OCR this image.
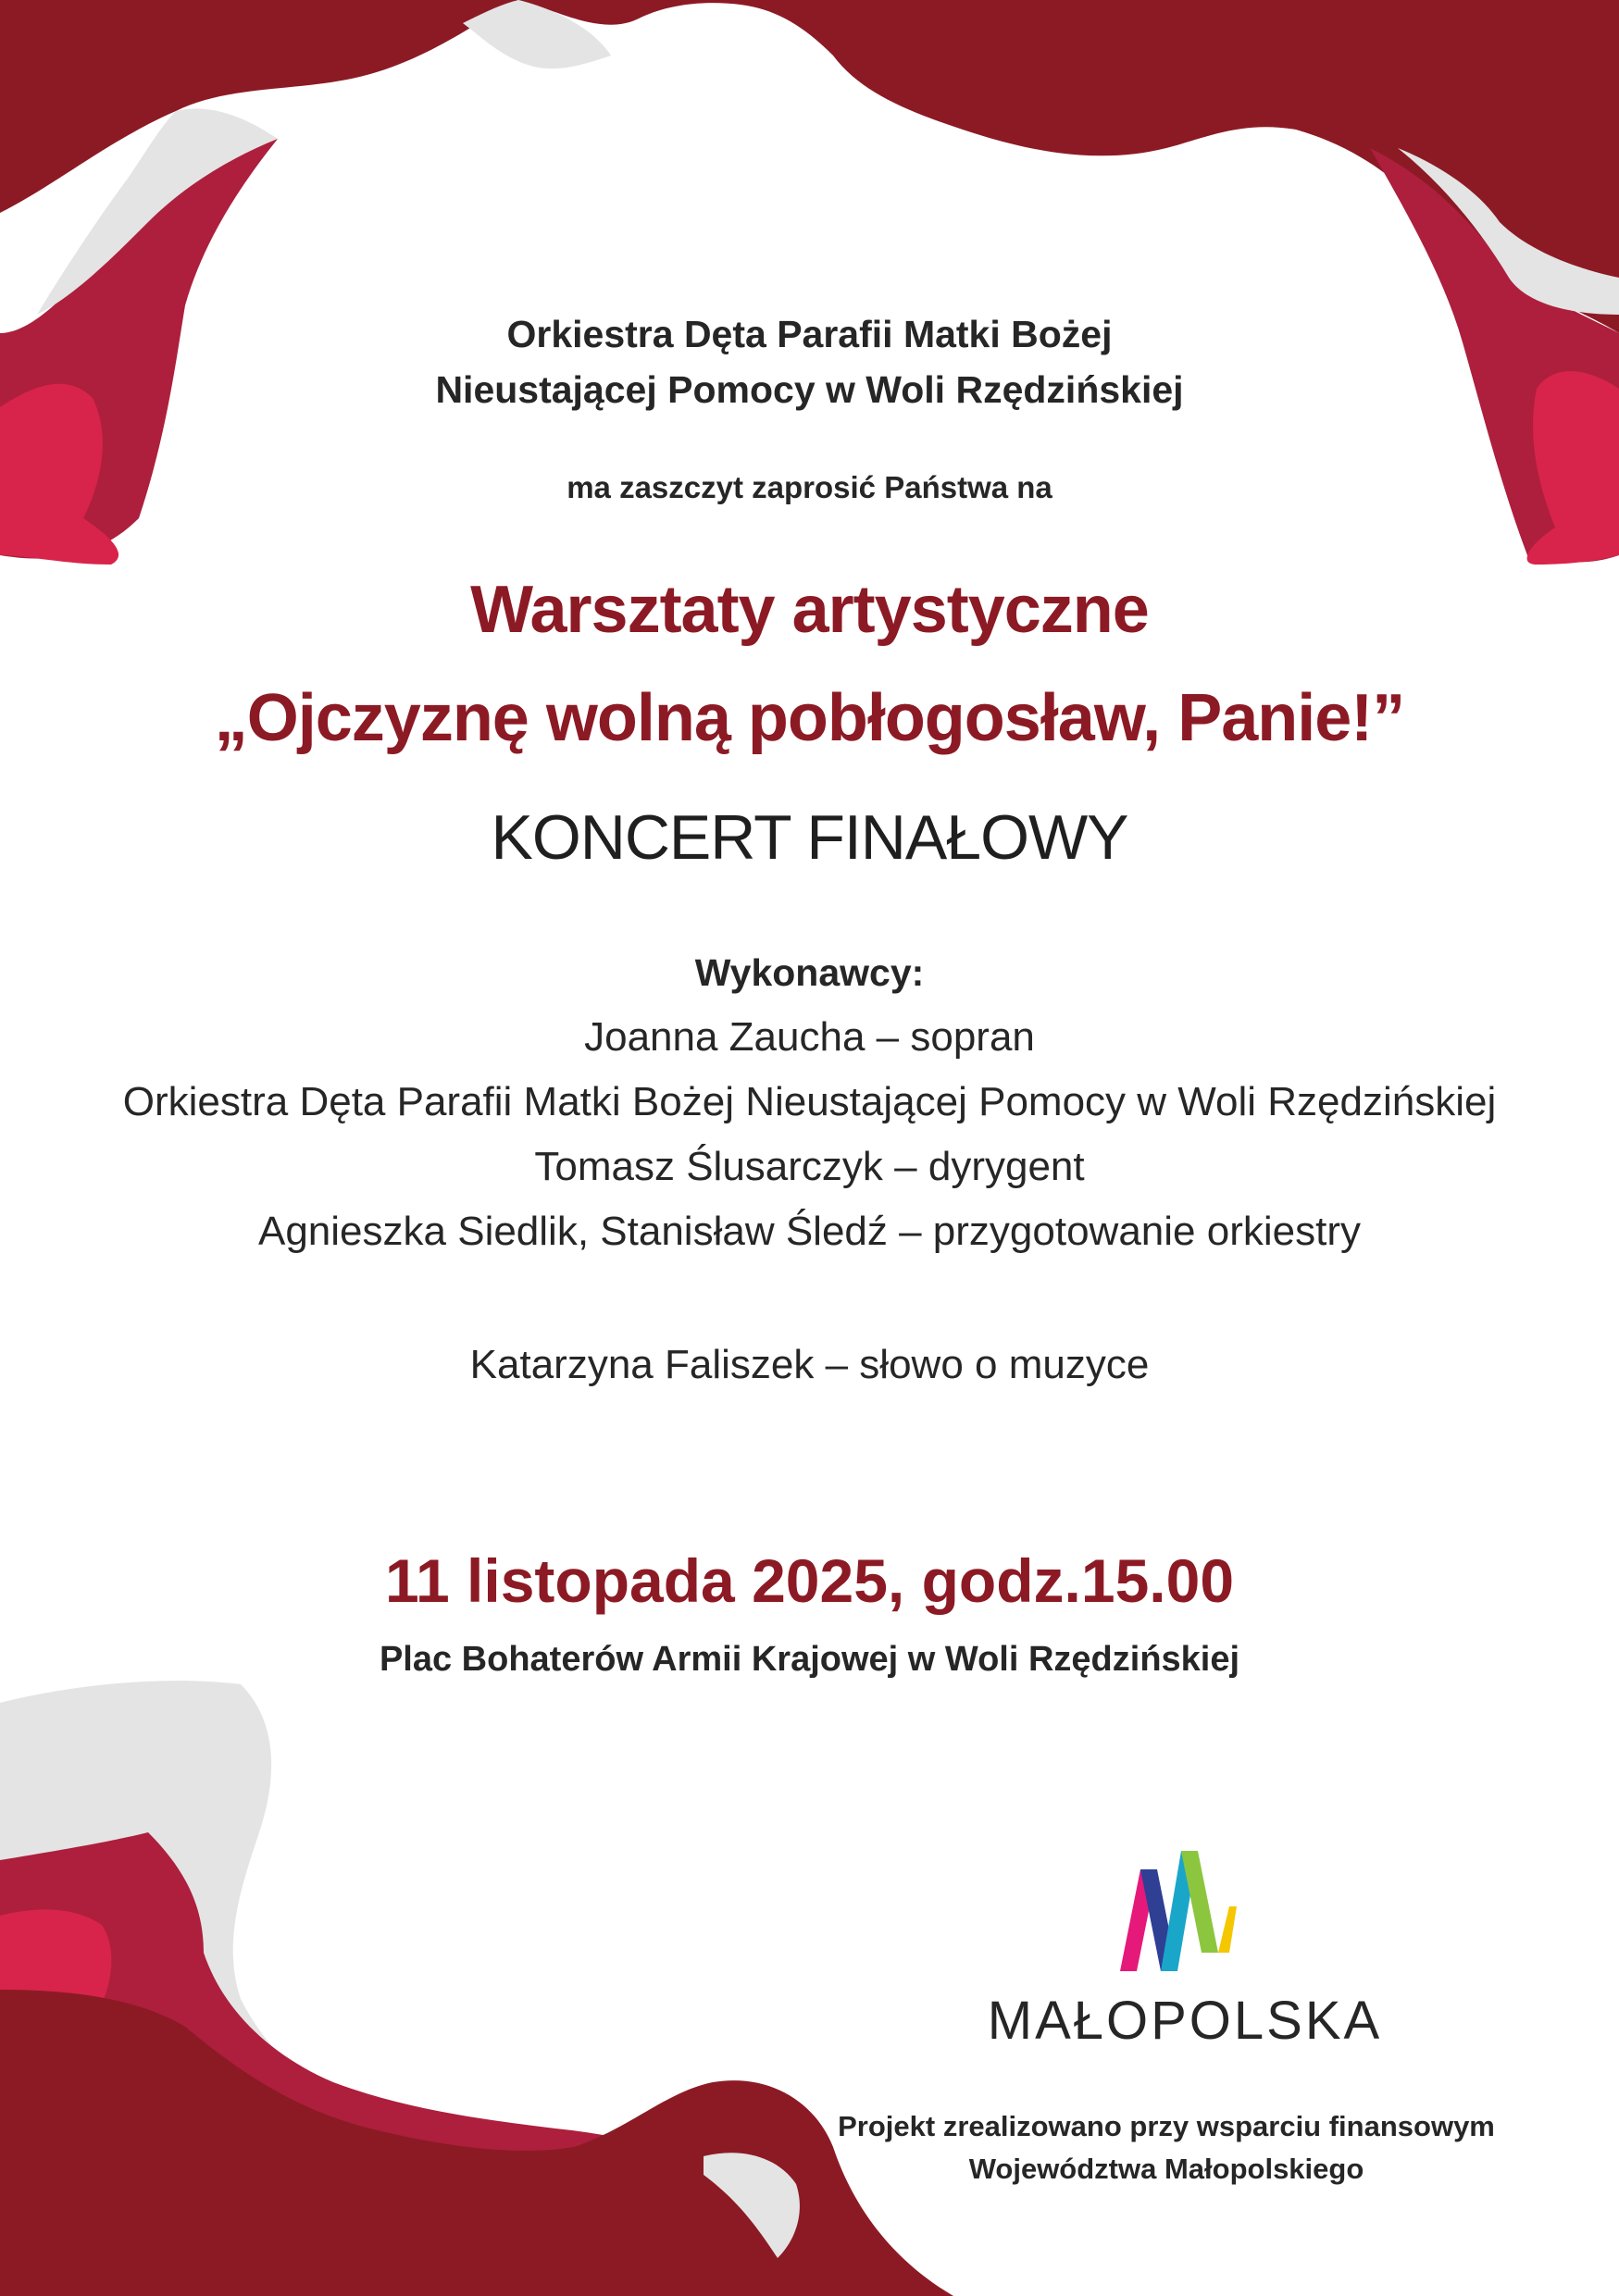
Orkiestra Dęta Parafii Matki Bożej
Nieustającej Pomocy w Woli Rzędzińskiej
ma zaszczyt zaprosić Państwa na
Warsztaty artystyczne
„Ojczyznę wolną pobłogosław, Panie!”
KONCERT FINAŁOWY
Wykonawcy:
Joanna Zaucha – sopran
Orkiestra Dęta Parafii Matki Bożej Nieustającej Pomocy w Woli Rzędzińskiej
Tomasz Ślusarczyk – dyrygent
Agnieszka Siedlik, Stanisław Śledź – przygotowanie orkiestry
Katarzyna Faliszek – słowo o muzyce
11 listopada 2025, godz.15.00
Plac Bohaterów Armii Krajowej w Woli Rzędzińskiej
MAŁOPOLSKA
Projekt zrealizowano przy wsparciu finansowym
Województwa Małopolskiego
